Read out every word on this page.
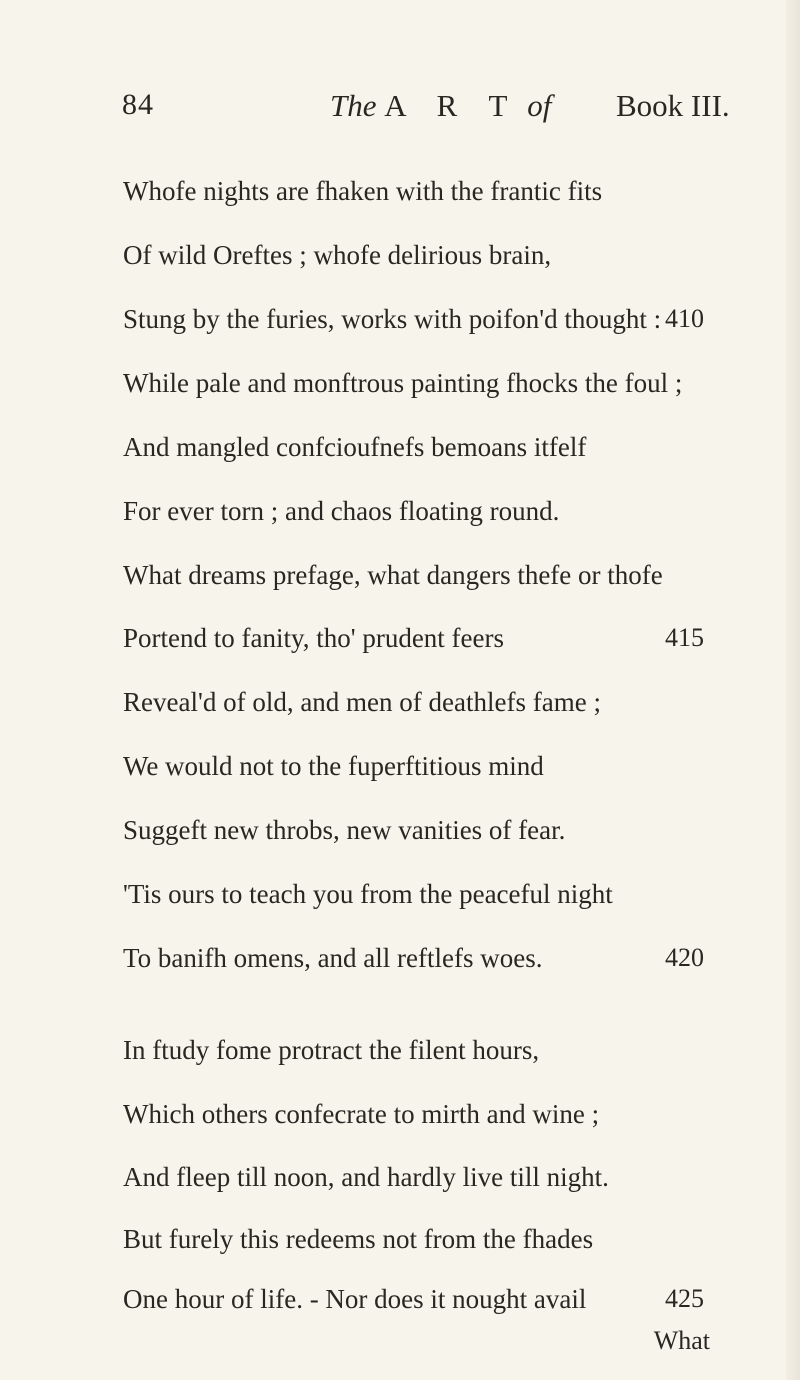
84	The A R T of Book III.
Whofe nights are fhaken with the frantic fits
Of wild Oreftes ; whofe delirious brain,
Stung by the furies, works with poifon'd thought : 410
While pale and monftrous painting fhocks the foul ;
And mangled confcioufnefs bemoans itfelf
For ever torn ; and chaos floating round.
What dreams prefage, what dangers thefe or thofe
Portend to fanity, tho' prudent feers	415
Reveal'd of old, and men of deathlefs fame ;
We would not to the fuperftitious mind
Suggeft new throbs, new vanities of fear.
'Tis ours to teach you from the peaceful night
To banifh omens, and all reftlefs woes.	420
In ftudy fome protract the filent hours,
Which others confecrate to mirth and wine ;
And fleep till noon, and hardly live till night.
But furely this redeems not from the fhades
One hour of life. - Nor does it nought avail	425
What
